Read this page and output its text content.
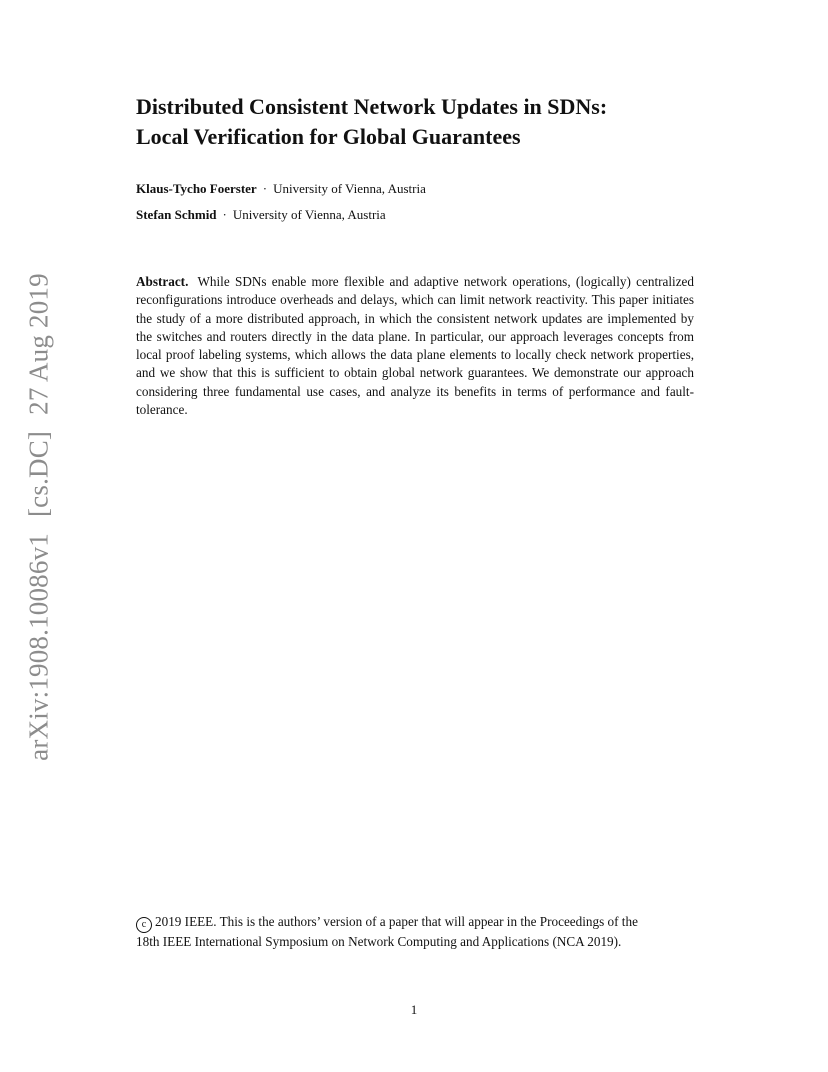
arXiv:1908.10086v1[cs.DC]27 Aug 2019
Distributed Consistent Network Updates in SDNs:
Local Verification for Global Guarantees
Klaus-Tycho Foerster · University of Vienna, Austria
Stefan Schmid · University of Vienna, Austria

Abstract. While SDNs enable more flexible and adaptive network operations, (logically) centralized reconfigurations introduce overheads and delays, which can limit network reactivity. This paper initiates the study of a more distributed approach, in which the consistent network updates are implemented by the switches and routers directly in the data plane. In particular, our approach leverages concepts from local proof labeling systems, which allows the data plane elements to locally check network properties, and we show that this is sufficient to obtain global network guarantees. We demonstrate our approach considering three fundamental use cases, and analyze its benefits in terms of performance and fault-tolerance.

c 2019 IEEE. This is the authors’ version of a paper that will appear in the Proceedings of the
18th IEEE International Symposium on Network Computing and Applications (NCA 2019).
1
